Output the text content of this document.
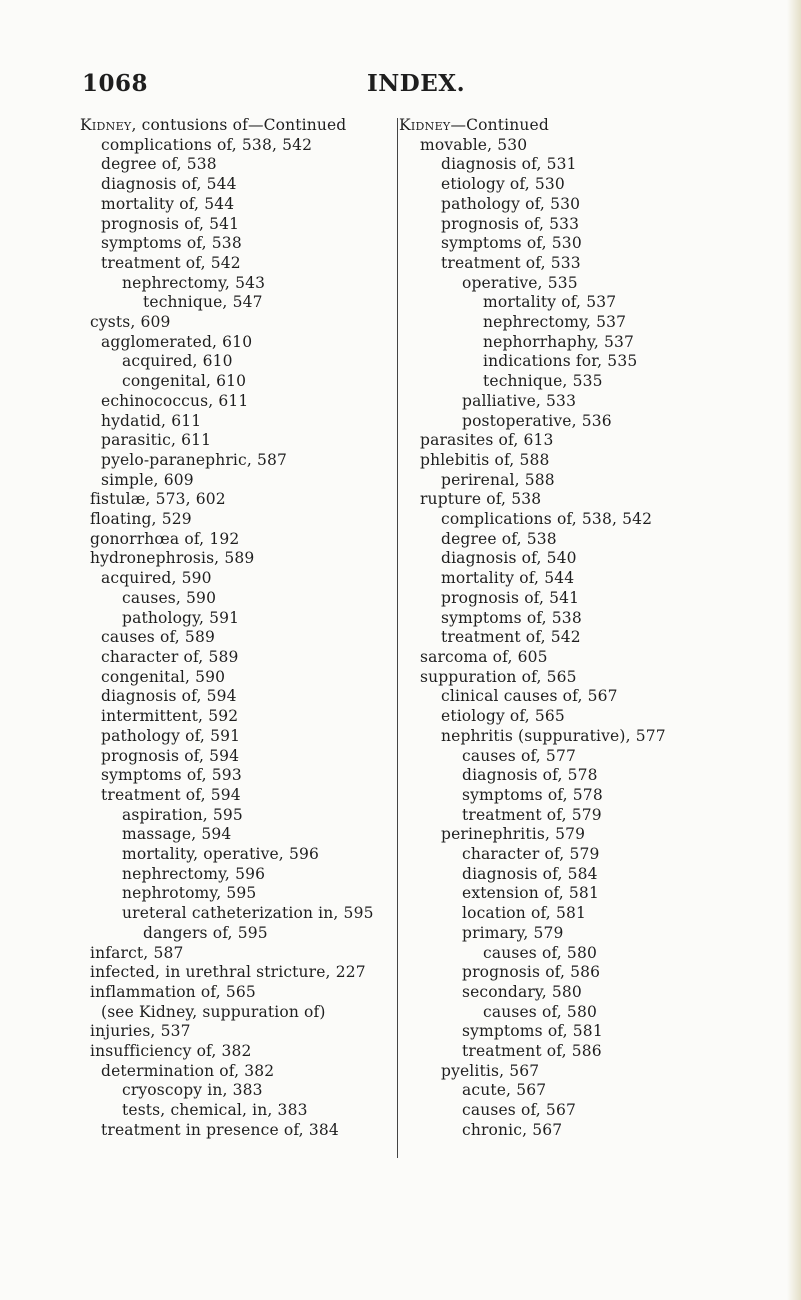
1068	INDEX.
Kidney, contusions of—Continued
complications of, 538, 542
degree of, 538
diagnosis of, 544
mortality of, 544
prognosis of, 541
symptoms of, 538
treatment of, 542
nephrectomy, 543
technique, 547
cysts, 609
agglomerated, 610
acquired, 610
congenital, 610
echinococcus, 611
hydatid, 611
parasitic, 611
pyelo-paranephric, 587
simple, 609
fistulæ, 573, 602
floating, 529
gonorrhœa of, 192
hydronephrosis, 589
acquired, 590
causes, 590
pathology, 591
causes of, 589
character of, 589
congenital, 590
diagnosis of, 594
intermittent, 592
pathology of, 591
prognosis of, 594
symptoms of, 593
treatment of, 594
aspiration, 595
massage, 594
mortality, operative, 596
nephrectomy, 596
nephrotomy, 595
ureteral catheterization in, 595
dangers of, 595
infarct, 587
infected, in urethral stricture, 227
inflammation of, 565
(see Kidney, suppuration of)
injuries, 537
insufficiency of, 382
determination of, 382
cryoscopy in, 383
tests, chemical, in, 383
treatment in presence of, 384
Kidney—Continued
movable, 530
diagnosis of, 531
etiology of, 530
pathology of, 530
prognosis of, 533
symptoms of, 530
treatment of, 533
operative, 535
mortality of, 537
nephrectomy, 537
nephorrhaphy, 537
indications for, 535
technique, 535
palliative, 533
postoperative, 536
parasites of, 613
phlebitis of, 588
perirenal, 588
rupture of, 538
complications of, 538, 542
degree of, 538
diagnosis of, 540
mortality of, 544
prognosis of, 541
symptoms of, 538
treatment of, 542
sarcoma of, 605
suppuration of, 565
clinical causes of, 567
etiology of, 565
nephritis (suppurative), 577
causes of, 577
diagnosis of, 578
symptoms of, 578
treatment of, 579
perinephritis, 579
character of, 579
diagnosis of, 584
extension of, 581
location of, 581
primary, 579
causes of, 580
prognosis of, 586
secondary, 580
causes of, 580
symptoms of, 581
treatment of, 586
pyelitis, 567
acute, 567
causes of, 567
chronic, 567
